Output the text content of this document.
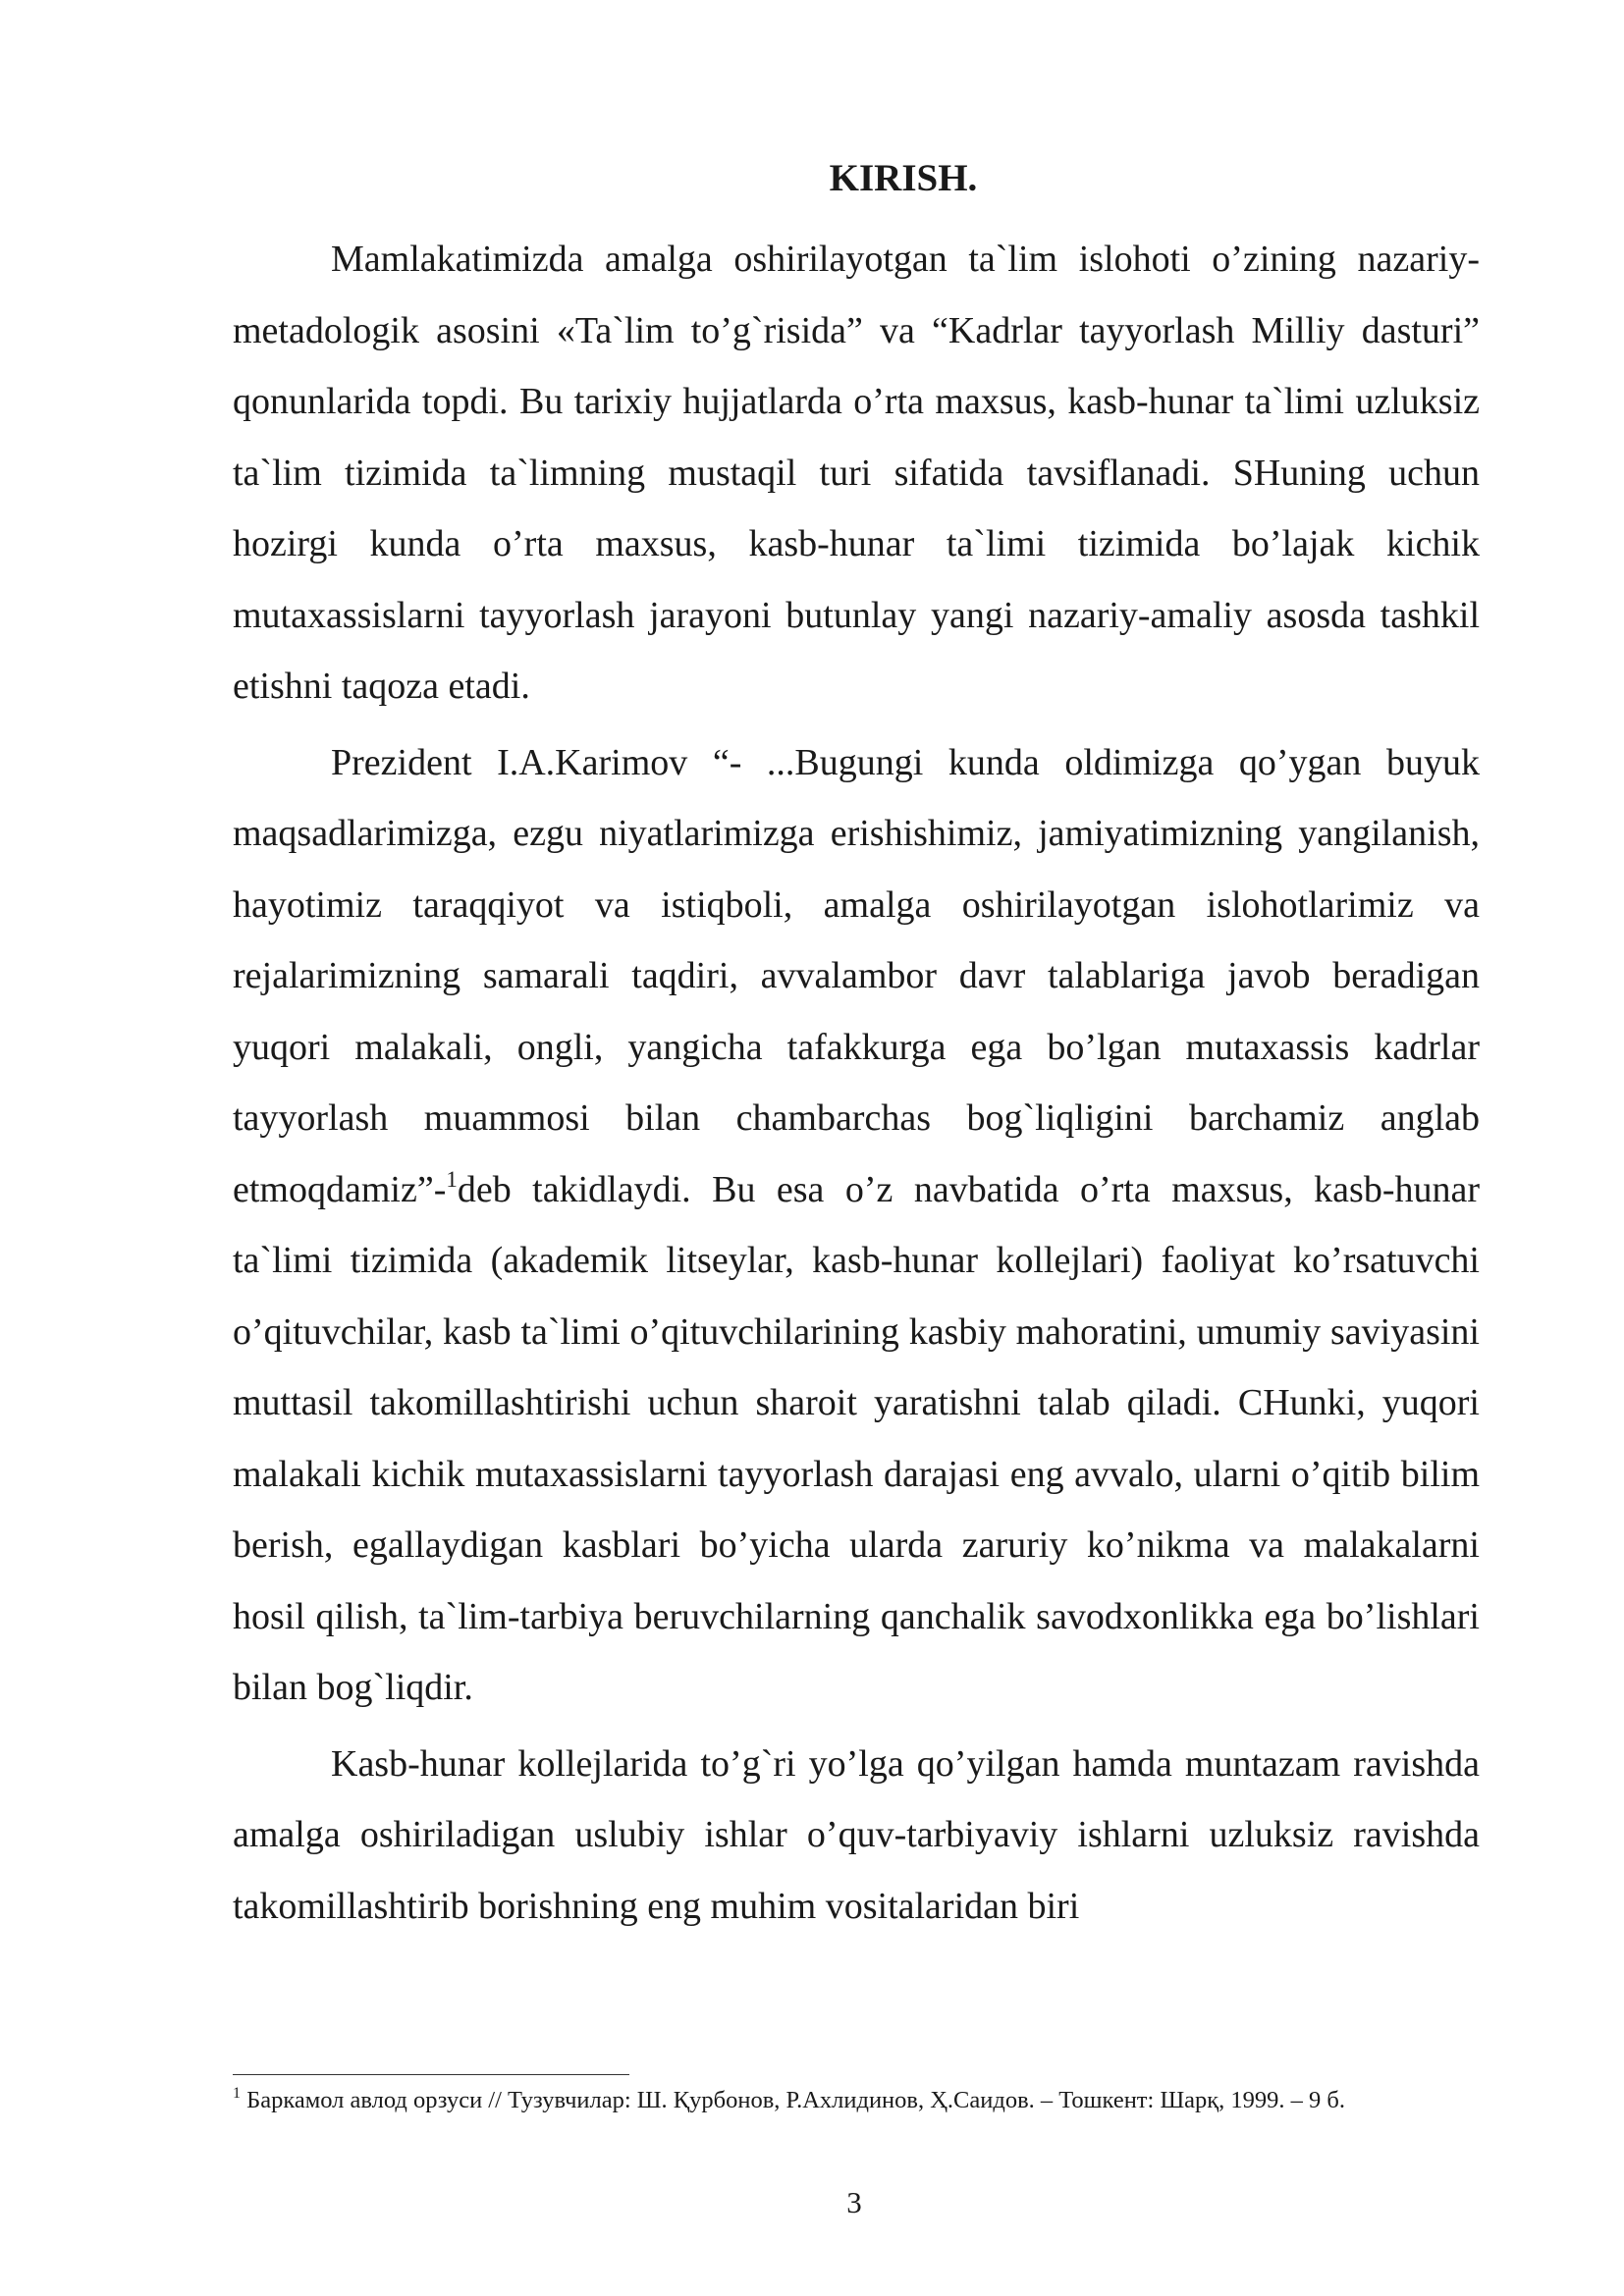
KIRISH.

Mamlakatimizda amalga oshirilayotgan ta`lim islohoti o’zining nazariy-metadologik asosini «Ta`lim to’g`risida” va “Kadrlar tayyorlash Milliy dasturi” qonunlarida topdi. Bu tarixiy hujjatlarda o’rta maxsus, kasb-hunar ta`limi uzluksiz ta`lim tizimida ta`limning mustaqil turi sifatida tavsiflanadi. SHuning uchun hozirgi kunda o’rta maxsus, kasb-hunar ta`limi tizimida bo’lajak kichik mutaxassislarni tayyorlash jarayoni butunlay yangi nazariy-amaliy asosda tashkil etishni taqoza etadi.

Prezident I.A.Karimov “- ...Bugungi kunda oldimizga qo’ygan buyuk maqsadlarimizga, ezgu niyatlarimizga erishishimiz, jamiyatimizning yangilanish, hayotimiz taraqqiyot va istiqboli, amalga oshirilayotgan islohotlarimiz va rejalarimizning samarali taqdiri, avvalambor davr talablariga javob beradigan yuqori malakali, ongli, yangicha tafakkurga ega bo’lgan mutaxassis kadrlar tayyorlash muammosi bilan chambarchas bog`liqligini barchamiz anglab etmoqdamiz”-$^1$deb takidlaydi. Bu esa o’z navbatida o’rta maxsus, kasb-hunar ta`limi tizimida (akademik litseylar, kasb-hunar kollejlari) faoliyat ko’rsatuvchi o’qituvchilar, kasb ta`limi o’qituvchilarining kasbiy mahoratini, umumiy saviyasini muttasil takomillashtirishi uchun sharoit yaratishni talab qiladi. CHunki, yuqori malakali kichik mutaxassislarni tayyorlash darajasi eng avvalo, ularni o’qitib bilim berish, egallaydigan kasblari bo’yicha ularda zaruriy ko’nikma va malakalarni hosil qilish, ta`lim-tarbiya beruvchilarning qanchalik savodxonlikka ega bo’lishlari bilan bog`liqdir.

Kasb-hunar kollejlarida to’g`ri yo’lga qo’yilgan hamda muntazam ravishda amalga oshiriladigan uslubiy ishlar o’quv-tarbiyaviy ishlarni uzluksiz ravishda takomillashtirib borishning eng muhim vositalaridan biri

$^1$ Баркамол авлод орзуси // Тузувчилар: Ш. Қурбонов, Р.Ахлидинов, Ҳ.Саидов. – Тошкент: Шарқ, 1999. – 9 б.

3
